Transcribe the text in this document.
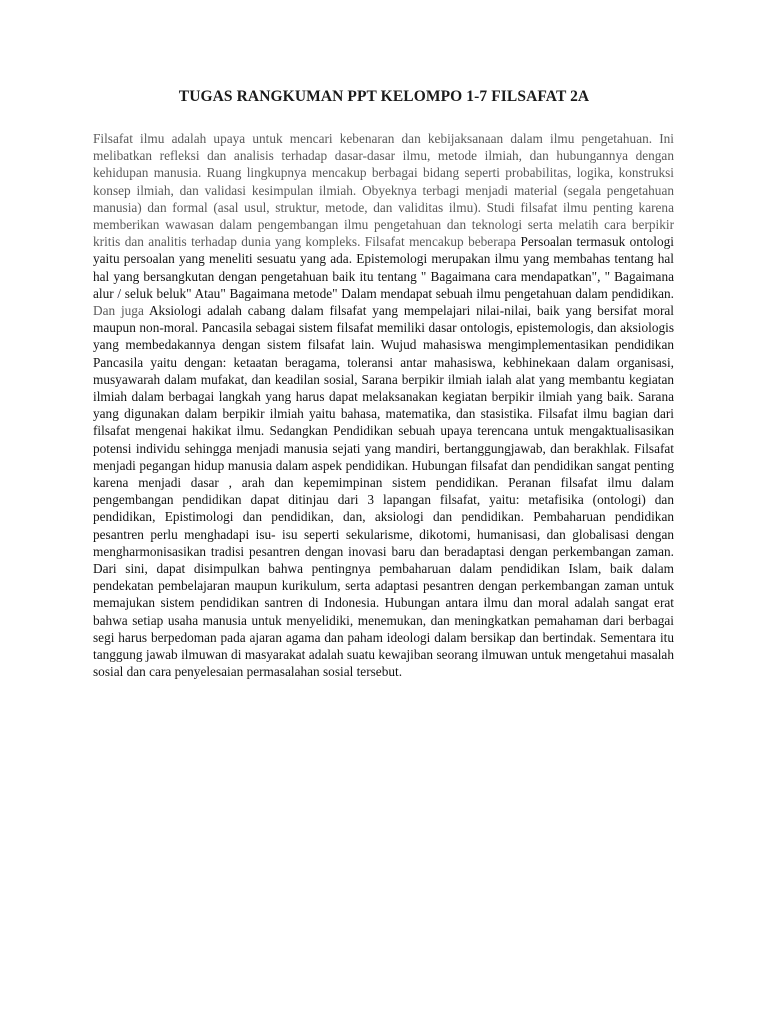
TUGAS RANGKUMAN PPT KELOMPO 1-7 FILSAFAT 2A

Filsafat ilmu adalah upaya untuk mencari kebenaran dan kebijaksanaan dalam ilmu pengetahuan. Ini melibatkan refleksi dan analisis terhadap dasar-dasar ilmu, metode ilmiah, dan hubungannya dengan kehidupan manusia. Ruang lingkupnya mencakup berbagai bidang seperti probabilitas, logika, konstruksi konsep ilmiah, dan validasi kesimpulan ilmiah. Obyeknya terbagi menjadi material (segala pengetahuan manusia) dan formal (asal usul, struktur, metode, dan validitas ilmu). Studi filsafat ilmu penting karena memberikan wawasan dalam pengembangan ilmu pengetahuan dan teknologi serta melatih cara berpikir kritis dan analitis terhadap dunia yang kompleks. Filsafat mencakup beberapa Persoalan termasuk ontologi yaitu persoalan yang meneliti sesuatu yang ada. Epistemologi merupakan ilmu yang membahas tentang hal hal yang bersangkutan dengan pengetahuan baik itu tentang " Bagaimana cara mendapatkan", " Bagaimana alur / seluk beluk" Atau" Bagaimana metode" Dalam mendapat sebuah ilmu pengetahuan dalam pendidikan. Dan juga Aksiologi adalah cabang dalam filsafat yang mempelajari nilai-nilai, baik yang bersifat moral maupun non-moral. Pancasila sebagai sistem filsafat memiliki dasar ontologis, epistemologis, dan aksiologis yang membedakannya dengan sistem filsafat lain. Wujud mahasiswa mengimplementasikan pendidikan Pancasila yaitu dengan: ketaatan beragama, toleransi antar mahasiswa, kebhinekaan dalam organisasi, musyawarah dalam mufakat, dan keadilan sosial, Sarana berpikir ilmiah ialah alat yang membantu kegiatan ilmiah dalam berbagai langkah yang harus dapat melaksanakan kegiatan berpikir ilmiah yang baik. Sarana yang digunakan dalam berpikir ilmiah yaitu bahasa, matematika, dan stasistika. Filsafat ilmu bagian dari filsafat mengenai hakikat ilmu. Sedangkan Pendidikan sebuah upaya terencana untuk mengaktualisasikan potensi individu sehingga menjadi manusia sejati yang mandiri, bertanggungjawab, dan berakhlak. Filsafat menjadi pegangan hidup manusia dalam aspek pendidikan. Hubungan filsafat dan pendidikan sangat penting karena menjadi dasar , arah dan kepemimpinan sistem pendidikan. Peranan filsafat ilmu dalam pengembangan pendidikan dapat ditinjau dari 3 lapangan filsafat, yaitu: metafisika (ontologi) dan pendidikan, Epistimologi dan pendidikan, dan, aksiologi dan pendidikan. Pembaharuan pendidikan pesantren perlu menghadapi isu- isu seperti sekularisme, dikotomi, humanisasi, dan globalisasi dengan mengharmonisasikan tradisi pesantren dengan inovasi baru dan beradaptasi dengan perkembangan zaman. Dari sini, dapat disimpulkan bahwa pentingnya pembaharuan dalam pendidikan Islam, baik dalam pendekatan pembelajaran maupun kurikulum, serta adaptasi pesantren dengan perkembangan zaman untuk memajukan sistem pendidikan santren di Indonesia. Hubungan antara ilmu dan moral adalah sangat erat bahwa setiap usaha manusia untuk menyelidiki, menemukan, dan meningkatkan pemahaman dari berbagai segi harus berpedoman pada ajaran agama dan paham ideologi dalam bersikap dan bertindak. Sementara itu tanggung jawab ilmuwan di masyarakat adalah suatu kewajiban seorang ilmuwan untuk mengetahui masalah sosial dan cara penyelesaian permasalahan sosial tersebut.
